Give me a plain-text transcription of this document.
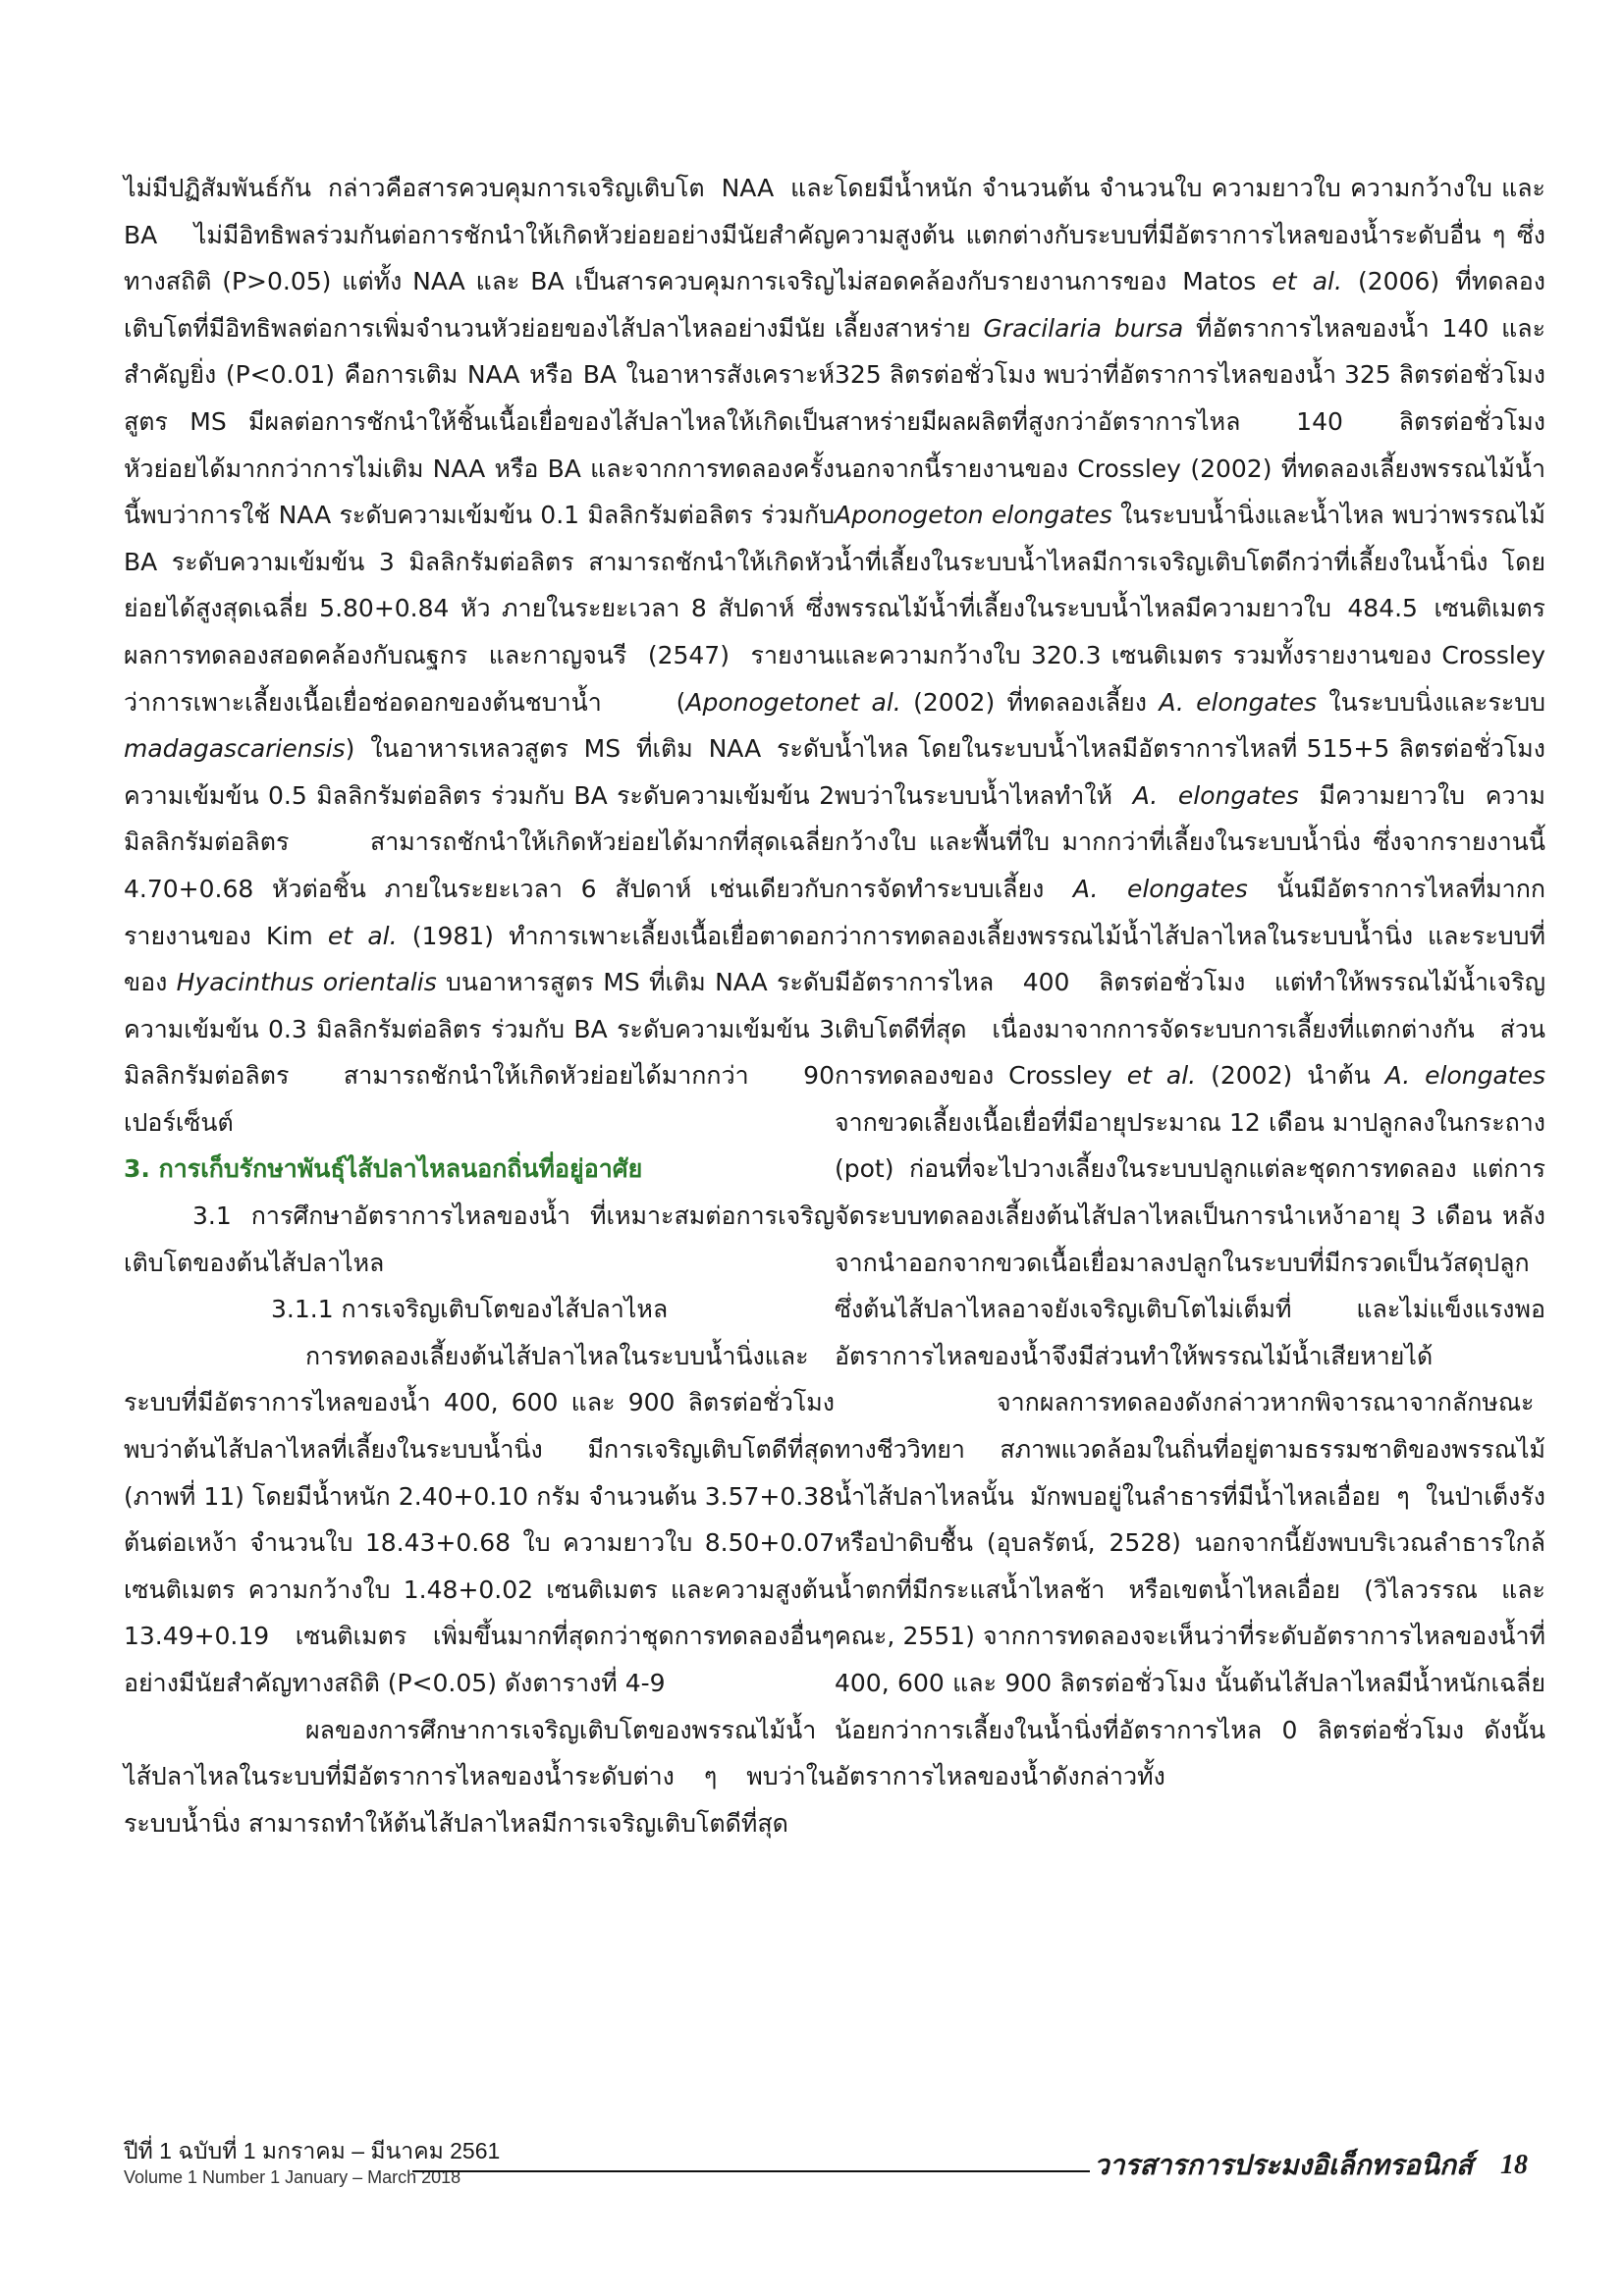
ไม่มีปฏิสัมพันธ์กัน กล่าวคือสารควบคุมการเจริญเติบโต NAA และ BA ไม่มีอิทธิพลร่วมกันต่อการชักนำให้เกิดหัวย่อยอย่างมีนัยสำคัญทางสถิติ (P>0.05) แต่ทั้ง NAA และ BA เป็นสารควบคุมการเจริญเติบโตที่มีอิทธิพลต่อการเพิ่มจำนวนหัวย่อยของไส้ปลาไหลอย่างมีนัยสำคัญยิ่ง (P<0.01) คือการเติม NAA หรือ BA ในอาหารสังเคราะห์สูตร MS มีผลต่อการชักนำให้ชิ้นเนื้อเยื่อของไส้ปลาไหลให้เกิดเป็นหัวย่อยได้มากกว่าการไม่เติม NAA หรือ BA และจากการทดลองครั้งนี้พบว่าการใช้ NAA ระดับความเข้มข้น 0.1 มิลลิกรัมต่อลิตร ร่วมกับ BA ระดับความเข้มข้น 3 มิลลิกรัมต่อลิตร สามารถชักนำให้เกิดหัวย่อยได้สูงสุดเฉลี่ย 5.80+0.84 หัว ภายในระยะเวลา 8 สัปดาห์ ซึ่งผลการทดลองสอดคล้องกับณฐกร และกาญจนรี (2547) รายงานว่าการเพาะเลี้ยงเนื้อเยื่อช่อดอกของต้นชบาน้ำ (Aponogeton madagascariensis) ในอาหารเหลวสูตร MS ที่เติม NAA ระดับความเข้มข้น 0.5 มิลลิกรัมต่อลิตร ร่วมกับ BA ระดับความเข้มข้น 2 มิลลิกรัมต่อลิตร สามารถชักนำให้เกิดหัวย่อยได้มากที่สุดเฉลี่ย 4.70+0.68 หัวต่อชิ้น ภายในระยะเวลา 6 สัปดาห์ เช่นเดียวกับรายงานของ Kim et al. (1981) ทำการเพาะเลี้ยงเนื้อเยื่อตาดอกของ Hyacinthus orientalis บนอาหารสูตร MS ที่เติม NAA ระดับความเข้มข้น 0.3 มิลลิกรัมต่อลิตร ร่วมกับ BA ระดับความเข้มข้น 3 มิลลิกรัมต่อลิตร สามารถชักนำให้เกิดหัวย่อยได้มากกว่า 90 เปอร์เซ็นต์

3. การเก็บรักษาพันธุ์ไส้ปลาไหลนอกถิ่นที่อยู่อาศัย

3.1 การศึกษาอัตราการไหลของน้ำ ที่เหมาะสมต่อการเจริญเติบโตของต้นไส้ปลาไหล

3.1.1 การเจริญเติบโตของไส้ปลาไหล

การทดลองเลี้ยงต้นไส้ปลาไหลในระบบน้ำนิ่งและระบบที่มีอัตราการไหลของน้ำ 400, 600 และ 900 ลิตรต่อชั่วโมง พบว่าต้นไส้ปลาไหลที่เลี้ยงในระบบน้ำนิ่ง มีการเจริญเติบโตดีที่สุด (ภาพที่ 11) โดยมีน้ำหนัก 2.40+0.10 กรัม จำนวนต้น 3.57+0.38 ต้นต่อเหง้า จำนวนใบ 18.43+0.68 ใบ ความยาวใบ 8.50+0.07 เซนติเมตร ความกว้างใบ 1.48+0.02 เซนติเมตร และความสูงต้น 13.49+0.19 เซนติเมตร เพิ่มขึ้นมากที่สุดกว่าชุดการทดลองอื่นๆ อย่างมีนัยสำคัญทางสถิติ (P<0.05) ดังตารางที่ 4-9

ผลของการศึกษาการเจริญเติบโตของพรรณไม้น้ำไส้ปลาไหลในระบบที่มีอัตราการไหลของน้ำระดับต่าง ๆ พบว่าในระบบน้ำนิ่ง สามารถทำให้ต้นไส้ปลาไหลมีการเจริญเติบโตดีที่สุด

โดยมีน้ำหนัก จำนวนต้น จำนวนใบ ความยาวใบ ความกว้างใบ และความสูงต้น แตกต่างกับระบบที่มีอัตราการไหลของน้ำระดับอื่น ๆ ซึ่งไม่สอดคล้องกับรายงานการของ Matos et al. (2006) ที่ทดลองเลี้ยงสาหร่าย Gracilaria bursa ที่อัตราการไหลของน้ำ 140 และ 325 ลิตรต่อชั่วโมง พบว่าที่อัตราการไหลของน้ำ 325 ลิตรต่อชั่วโมง สาหร่ายมีผลผลิตที่สูงกว่าอัตราการไหล 140 ลิตรต่อชั่วโมง นอกจากนี้รายงานของ Crossley (2002) ที่ทดลองเลี้ยงพรรณไม้น้ำ Aponogeton elongates ในระบบน้ำนิ่งและน้ำไหล พบว่าพรรณไม้น้ำที่เลี้ยงในระบบน้ำไหลมีการเจริญเติบโตดีกว่าที่เลี้ยงในน้ำนิ่ง โดยพรรณไม้น้ำที่เลี้ยงในระบบน้ำไหลมีความยาวใบ 484.5 เซนติเมตร และความกว้างใบ 320.3 เซนติเมตร รวมทั้งรายงานของ Crossley et al. (2002) ที่ทดลองเลี้ยง A. elongates ในระบบนิ่งและระบบน้ำไหล โดยในระบบน้ำไหลมีอัตราการไหลที่ 515+5 ลิตรต่อชั่วโมง พบว่าในระบบน้ำไหลทำให้ A. elongates มีความยาวใบ ความกว้างใบ และพื้นที่ใบ มากกว่าที่เลี้ยงในระบบน้ำนิ่ง ซึ่งจากรายงานนี้การจัดทำระบบเลี้ยง A. elongates นั้นมีอัตราการไหลที่มากกว่าการทดลองเลี้ยงพรรณไม้น้ำไส้ปลาไหลในระบบน้ำนิ่ง และระบบที่มีอัตราการไหล 400 ลิตรต่อชั่วโมง แต่ทำให้พรรณไม้น้ำเจริญเติบโตดีที่สุด เนื่องมาจากการจัดระบบการเลี้ยงที่แตกต่างกัน ส่วนการทดลองของ Crossley et al. (2002) นำต้น A. elongates จากขวดเลี้ยงเนื้อเยื่อที่มีอายุประมาณ 12 เดือน มาปลูกลงในกระถาง (pot) ก่อนที่จะไปวางเลี้ยงในระบบปลูกแต่ละชุดการทดลอง แต่การจัดระบบทดลองเลี้ยงต้นไส้ปลาไหลเป็นการนำเหง้าอายุ 3 เดือน หลังจากนำออกจากขวดเนื้อเยื่อมาลงปลูกในระบบที่มีกรวดเป็นวัสดุปลูก ซึ่งต้นไส้ปลาไหลอาจยังเจริญเติบโตไม่เต็มที่ และไม่แข็งแรงพอ อัตราการไหลของน้ำจึงมีส่วนทำให้พรรณไม้น้ำเสียหายได้

จากผลการทดลองดังกล่าวหากพิจารณาจากลักษณะทางชีววิทยา สภาพแวดล้อมในถิ่นที่อยู่ตามธรรมชาติของพรรณไม้น้ำไส้ปลาไหลนั้น มักพบอยู่ในลำธารที่มีน้ำไหลเอื่อย ๆ ในป่าเต็งรัง หรือป่าดิบชื้น (อุบลรัตน์, 2528) นอกจากนี้ยังพบบริเวณลำธารใกล้น้ำตกที่มีกระแสน้ำไหลช้า หรือเขตน้ำไหลเอื่อย (วิไลวรรณ และคณะ, 2551) จากการทดลองจะเห็นว่าที่ระดับอัตราการไหลของน้ำที่ 400, 600 และ 900 ลิตรต่อชั่วโมง นั้นต้นไส้ปลาไหลมีน้ำหนักเฉลี่ยน้อยกว่าการเลี้ยงในน้ำนิ่งที่อัตราการไหล 0 ลิตรต่อชั่วโมง ดังนั้นอัตราการไหลของน้ำดังกล่าวทั้ง

ปีที่ 1 ฉบับที่ 1 มกราคม – มีนาคม 2561
Volume 1 Number 1 January – March 2018	วารสารการประมงอิเล็กทรอนิกส์ 18
